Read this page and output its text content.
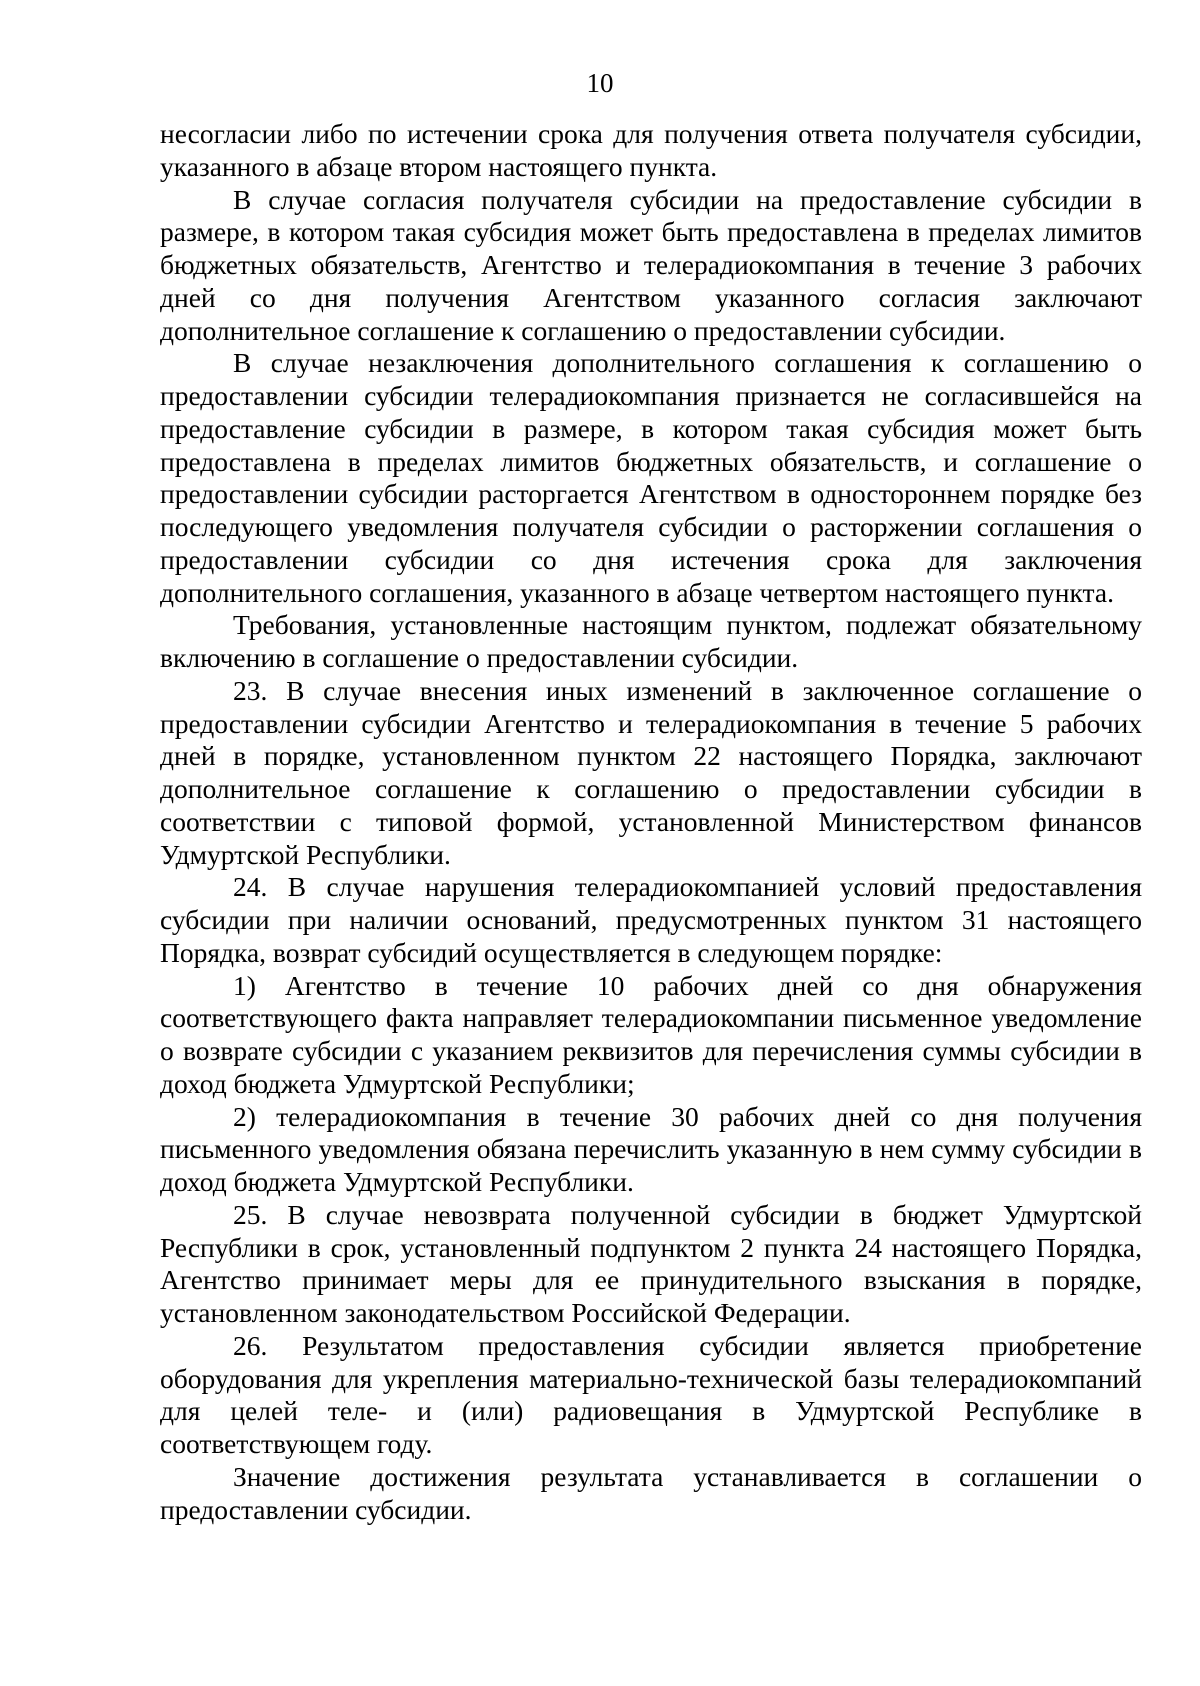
10

несогласии либо по истечении срока для получения ответа получателя субсидии, указанного в абзаце втором настоящего пункта.

В случае согласия получателя субсидии на предоставление субсидии в размере, в котором такая субсидия может быть предоставлена в пределах лимитов бюджетных обязательств, Агентство и телерадиокомпания в течение 3 рабочих дней со дня получения Агентством указанного согласия заключают дополнительное соглашение к соглашению о предоставлении субсидии.

В случае незаключения дополнительного соглашения к соглашению о предоставлении субсидии телерадиокомпания признается не согласившейся на предоставление субсидии в размере, в котором такая субсидия может быть предоставлена в пределах лимитов бюджетных обязательств, и соглашение о предоставлении субсидии расторгается Агентством в одностороннем порядке без последующего уведомления получателя субсидии о расторжении соглашения о предоставлении субсидии со дня истечения срока для заключения дополнительного соглашения, указанного в абзаце четвертом настоящего пункта.

Требования, установленные настоящим пунктом, подлежат обязательному включению в соглашение о предоставлении субсидии.

23. В случае внесения иных изменений в заключенное соглашение о предоставлении субсидии Агентство и телерадиокомпания в течение 5 рабочих дней в порядке, установленном пунктом 22 настоящего Порядка, заключают дополнительное соглашение к соглашению о предоставлении субсидии в соответствии с типовой формой, установленной Министерством финансов Удмуртской Республики.

24. В случае нарушения телерадиокомпанией условий предоставления субсидии при наличии оснований, предусмотренных пунктом 31 настоящего Порядка, возврат субсидий осуществляется в следующем порядке:

1) Агентство в течение 10 рабочих дней со дня обнаружения соответствующего факта направляет телерадиокомпании письменное уведомление о возврате субсидии с указанием реквизитов для перечисления суммы субсидии в доход бюджета Удмуртской Республики;

2) телерадиокомпания в течение 30 рабочих дней со дня получения письменного уведомления обязана перечислить указанную в нем сумму субсидии в доход бюджета Удмуртской Республики.

25. В случае невозврата полученной субсидии в бюджет Удмуртской Республики в срок, установленный подпунктом 2 пункта 24 настоящего Порядка, Агентство принимает меры для ее принудительного взыскания в порядке, установленном законодательством Российской Федерации.

26. Результатом предоставления субсидии является приобретение оборудования для укрепления материально-технической базы телерадиокомпаний для целей теле- и (или) радиовещания в Удмуртской Республике в соответствующем году.

Значение достижения результата устанавливается в соглашении о предоставлении субсидии.
